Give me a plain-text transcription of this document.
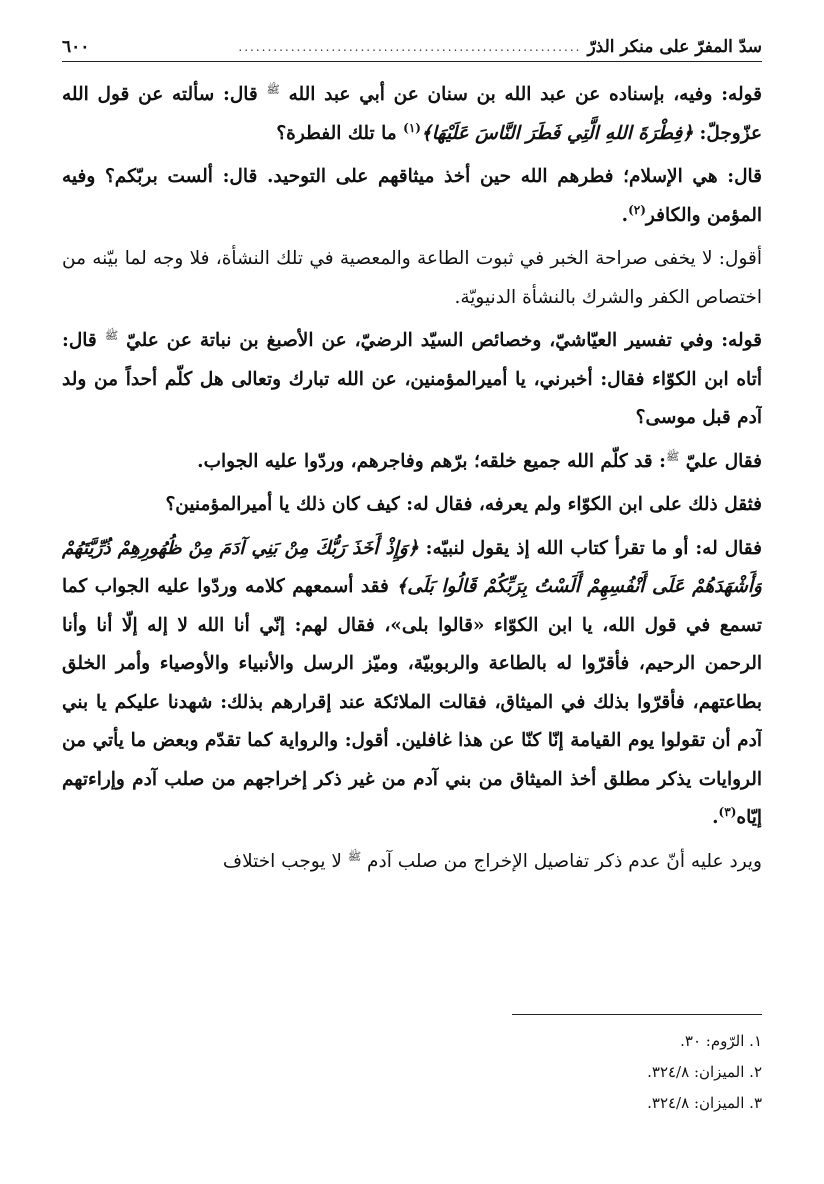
سدّ المفرّ على منكر الذرّ
...........................................................
٦٠٠

قوله: وفيه، بإسناده عن عبد الله بن سنان عن أبي عبد الله $^ﷺ$ قال: سألته عن قول الله عزّوجلّ: ﴿فِطْرَةَ اللهِ الَّتِي فَطَرَ النَّاسَ عَلَيْهَا﴾$^{(١)}$ ما تلك الفطرة؟

قال: هي الإسلام؛ فطرهم الله حين أخذ ميثاقهم على التوحيد. قال: ألست بربّكم؟ وفيه المؤمن والكافر$^{(٢)}$.

أقول: لا يخفى صراحة الخبر في ثبوت الطاعة والمعصية في تلك النشأة، فلا وجه لما بيّنه من اختصاص الكفر والشرك بالنشأة الدنيويّة.

قوله: وفي تفسير العيّاشيّ، وخصائص السيّد الرضيّ، عن الأصبغ بن نباتة عن عليّ $^ﷺ$ قال: أتاه ابن الكوّاء فقال: أخبرني، يا أميرالمؤمنين، عن الله تبارك وتعالى هل كلّم أحداً من ولد آدم قبل موسى؟

فقال عليّ $^ﷺ$: قد كلّم الله جميع خلقه؛ برّهم وفاجرهم، وردّوا عليه الجواب.

فثقل ذلك على ابن الكوّاء ولم يعرفه، فقال له: كيف كان ذلك يا أميرالمؤمنين؟

فقال له: أو ما تقرأ كتاب الله إذ يقول لنبيّه: ﴿وَإِذْ أَخَذَ رَبُّكَ مِنْ بَنِي آدَمَ مِنْ ظُهُورِهِمْ ذُرِّيَّتَهُمْ وَأَشْهَدَهُمْ عَلَى أَنْفُسِهِمْ أَلَسْتُ بِرَبِّكُمْ قَالُوا بَلَى﴾ فقد أسمعهم كلامه وردّوا عليه الجواب كما تسمع في قول الله، يا ابن الكوّاء «قالوا بلى»، فقال لهم: إنّي أنا الله لا إله إلّا أنا وأنا الرحمن الرحيم، فأقرّوا له بالطاعة والربوبيّة، وميّز الرسل والأنبياء والأوصياء وأمر الخلق بطاعتهم، فأقرّوا بذلك في الميثاق، فقالت الملائكة عند إقرارهم بذلك: شهدنا عليكم يا بني آدم أن تقولوا يوم القيامة إنّا كنّا عن هذا غافلين. أقول: والرواية كما تقدّم وبعض ما يأتي من الروايات يذكر مطلق أخذ الميثاق من بني آدم من غير ذكر إخراجهم من صلب آدم وإراءتهم إيّاه$^{(٣)}$.

ويرد عليه أنّ عدم ذكر تفاصيل الإخراج من صلب آدم $^ﷺ$ لا يوجب اختلاف

١. الرّوم: ٣٠.
٢. الميزان: ٣٢٤/٨.
٣. الميزان: ٣٢٤/٨.
